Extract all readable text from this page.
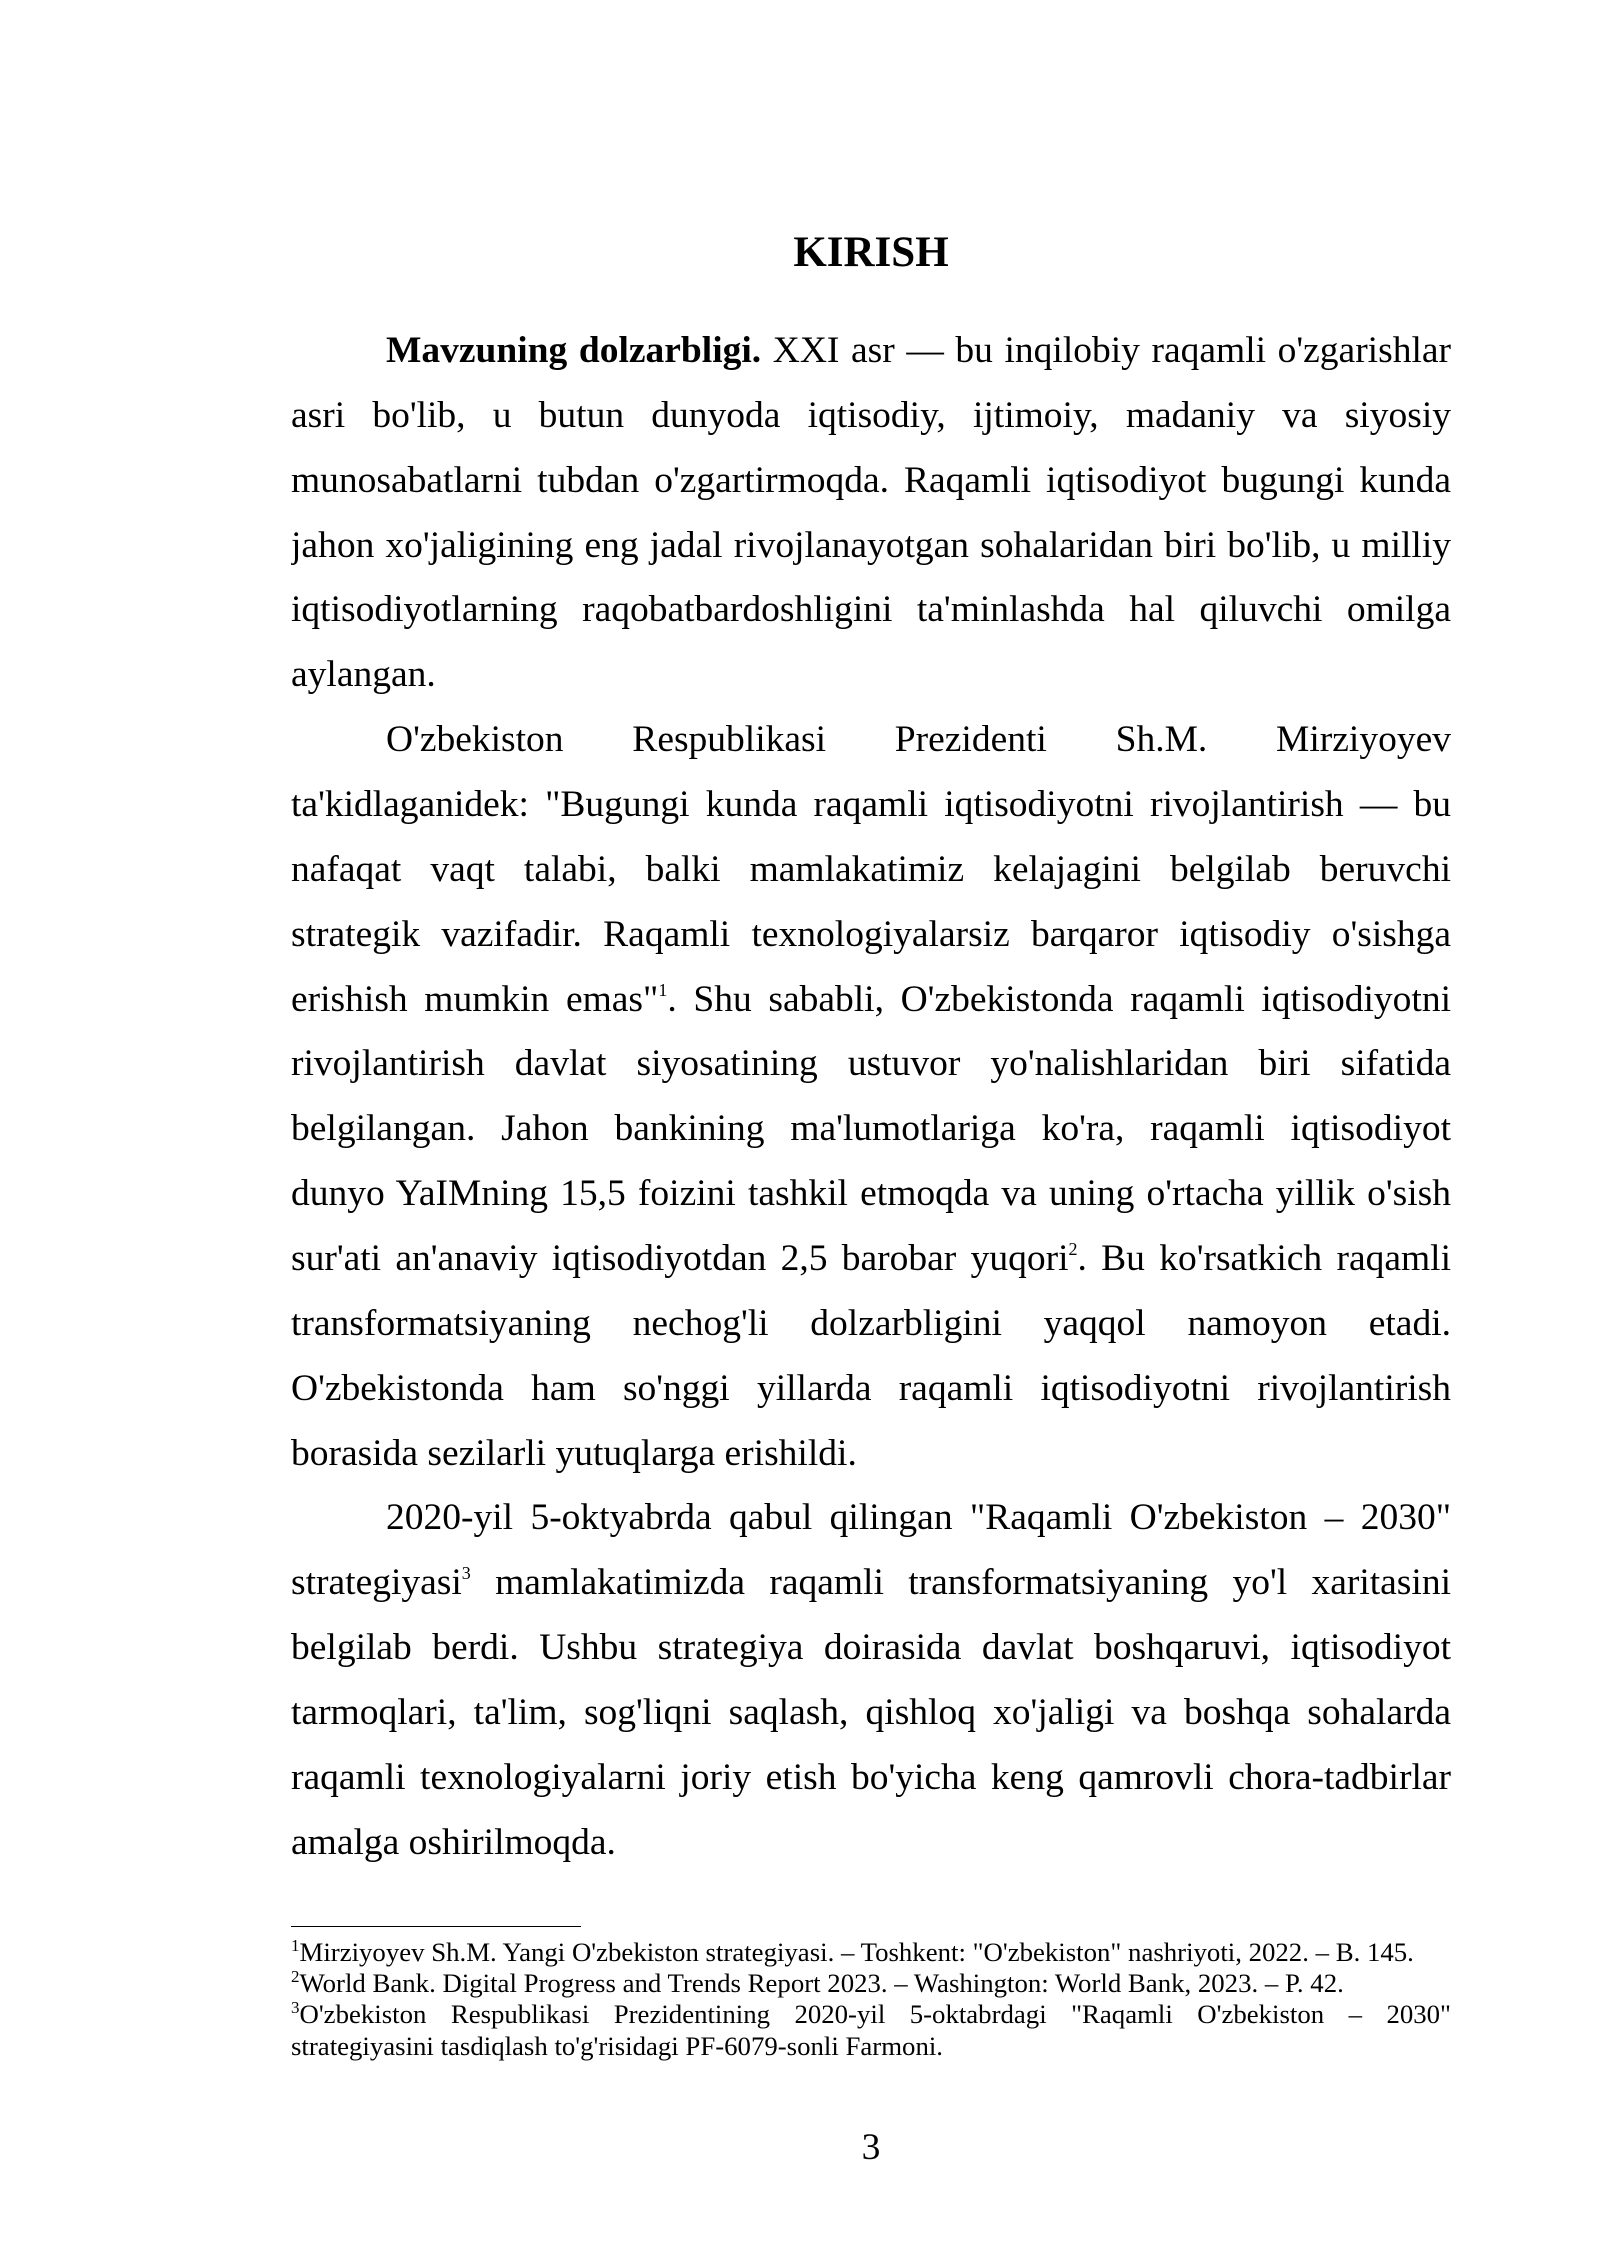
KIRISH
Mavzuning dolzarbligi. XXI asr — bu inqilobiy raqamli o'zgarishlar
asri bo'lib, u butun dunyoda iqtisodiy, ijtimoiy, madaniy va siyosiy
munosabatlarni tubdan o'zgartirmoqda. Raqamli iqtisodiyot bugungi kunda
jahon xo'jaligining eng jadal rivojlanayotgan sohalaridan biri bo'lib, u milliy
iqtisodiyotlarning raqobatbardoshligini ta'minlashda hal qiluvchi omilga
aylangan.
O'zbekiston Respublikasi Prezidenti Sh.M. Mirziyoyev
ta'kidlaganidek: "Bugungi kunda raqamli iqtisodiyotni rivojlantirish — bu
nafaqat vaqt talabi, balki mamlakatimiz kelajagini belgilab beruvchi
strategik vazifadir. Raqamli texnologiyalarsiz barqaror iqtisodiy o'sishga
erishish mumkin emas"$^1$. Shu sababli, O'zbekistonda raqamli iqtisodiyotni
rivojlantirish davlat siyosatining ustuvor yo'nalishlaridan biri sifatida
belgilangan. Jahon bankining ma'lumotlariga ko'ra, raqamli iqtisodiyot
dunyo YaIMning 15,5 foizini tashkil etmoqda va uning o'rtacha yillik o'sish
sur'ati an'anaviy iqtisodiyotdan 2,5 barobar yuqori$^2$. Bu ko'rsatkich raqamli
transformatsiyaning nechog'li dolzarbligini yaqqol namoyon etadi.
O'zbekistonda ham so'nggi yillarda raqamli iqtisodiyotni rivojlantirish
borasida sezilarli yutuqlarga erishildi.
2020-yil 5-oktyabrda qabul qilingan "Raqamli O'zbekiston – 2030"
strategiyasi$^3$ mamlakatimizda raqamli transformatsiyaning yo'l xaritasini
belgilab berdi. Ushbu strategiya doirasida davlat boshqaruvi, iqtisodiyot
tarmoqlari, ta'lim, sog'liqni saqlash, qishloq xo'jaligi va boshqa sohalarda
raqamli texnologiyalarni joriy etish bo'yicha keng qamrovli chora-tadbirlar
amalga oshirilmoqda.
$^1$Mirziyoyev Sh.M. Yangi O'zbekiston strategiyasi. – Toshkent: "O'zbekiston" nashriyoti, 2022. – B. 145.
$^2$World Bank. Digital Progress and Trends Report 2023. – Washington: World Bank, 2023. – P. 42.
$^3$O'zbekiston Respublikasi Prezidentining 2020-yil 5-oktabrdagi "Raqamli O'zbekiston – 2030"
strategiyasini tasdiqlash to'g'risidagi PF-6079-sonli Farmoni.
3
